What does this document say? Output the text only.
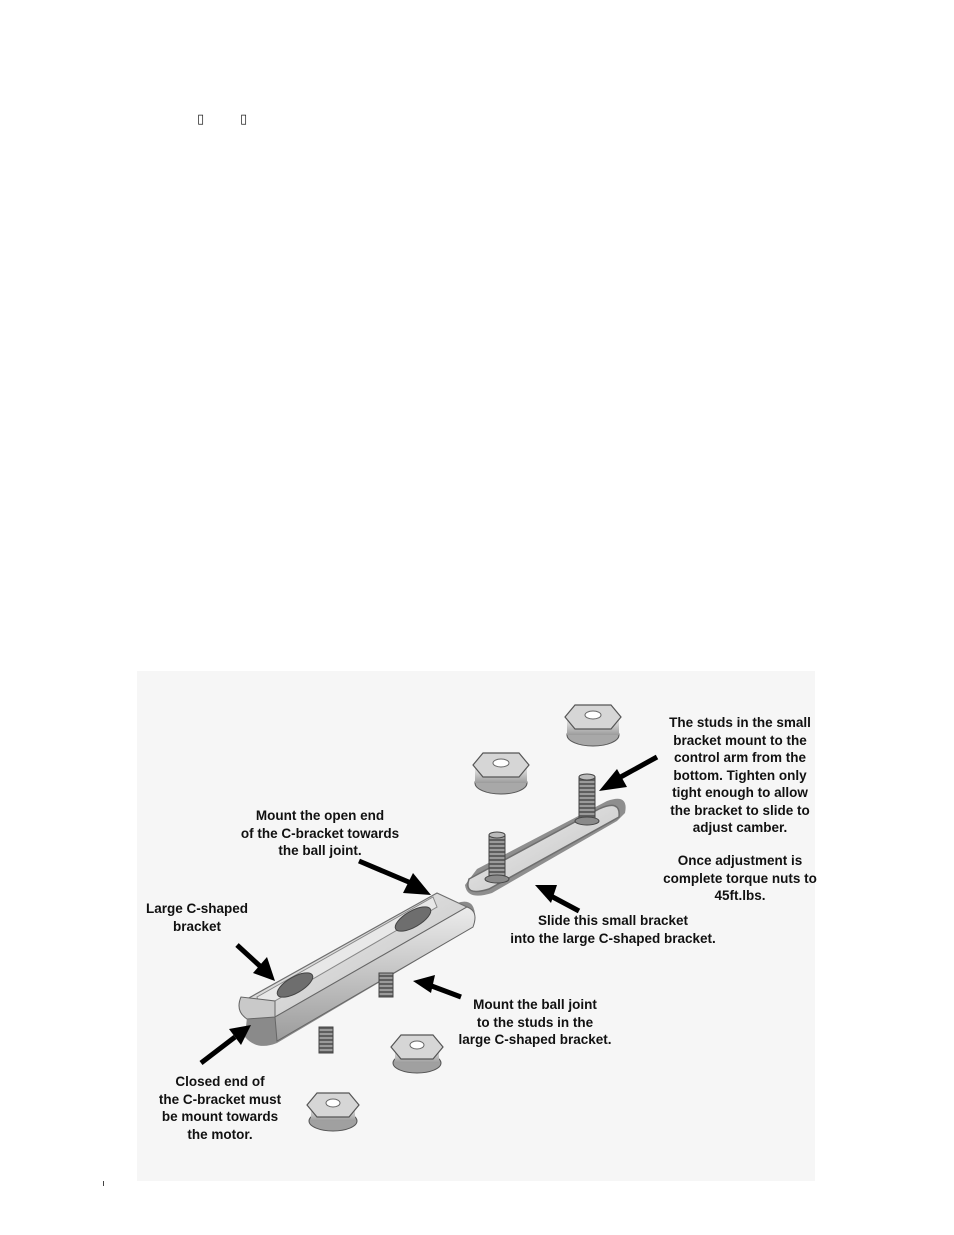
▯	▯
The studs in the small
bracket mount to the
control arm from the
bottom. Tighten only
tight enough to allow
the bracket to slide to
adjust camber.
Once adjustment is
complete torque nuts to
45ft.lbs.
Mount the open end
of the C-bracket towards
the ball joint.
Large C-shaped
bracket	Slide this small bracket
into the large C-shaped bracket.
Mount the ball joint
to the studs in the
large C-shaped bracket.
Closed end of
the C-bracket must
be mount towards
the motor.
